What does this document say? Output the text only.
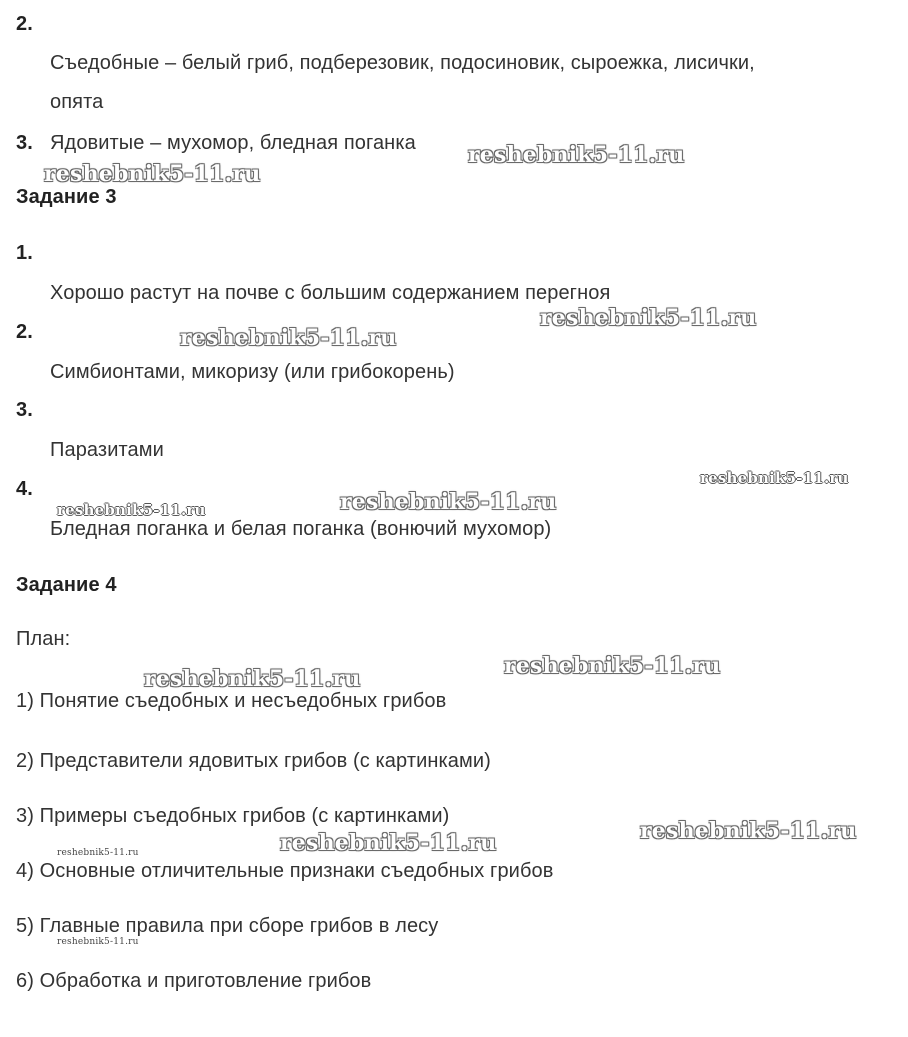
2.
Съедобные – белый гриб, подберезовик, подосиновик, сыроежка, лисички,
опята
3. Ядовитые – мухомор, бледная поганка
Задание 3
1.
Хорошо растут на почве с большим содержанием перегноя
2.
Симбионтами, микоризу (или грибокорень)
3.
Паразитами
4.
Бледная поганка и белая поганка (вонючий мухомор)
Задание 4
План:
1) Понятие съедобных и несъедобных грибов
2) Представители ядовитых грибов (с картинками)
3) Примеры съедобных грибов (с картинками)
4) Основные отличительные признаки съедобных грибов
5) Главные правила при сборе грибов в лесу
6) Обработка и приготовление грибов
reshebnik5-11.ru
reshebnik5-11.ru
reshebnik5-11.ru
reshebnik5-11.ru
reshebnik5-11.ru
reshebnik5-11.ru
reshebnik5-11.ru
reshebnik5-11.ru
reshebnik5-11.ru
reshebnik5-11.ru
reshebnik5-11.ru
reshebnik5-11.ru
reshebnik5-11.ru
